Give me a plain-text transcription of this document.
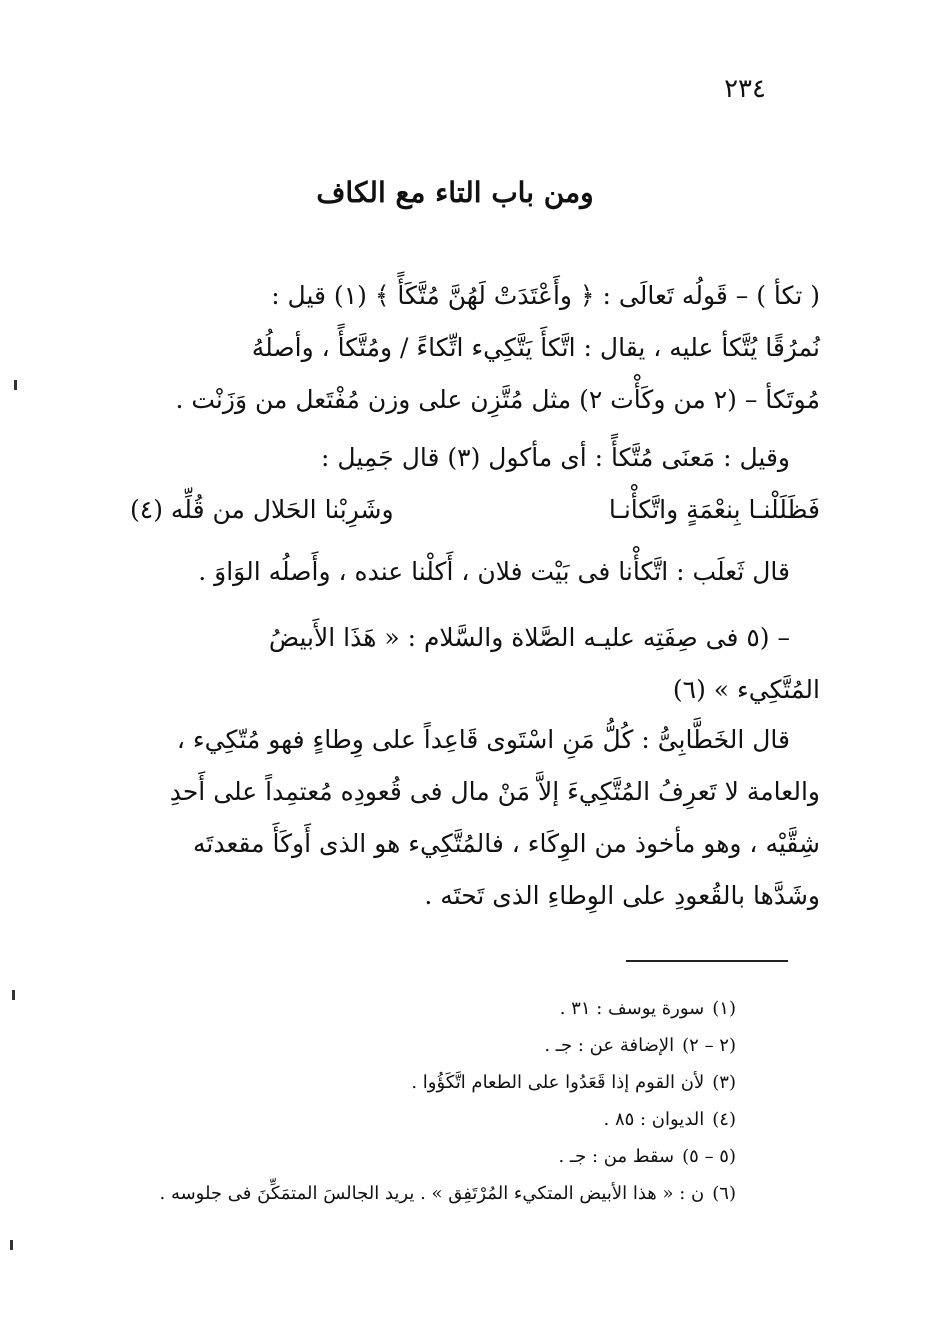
٢٣٤
ومن باب التاء مع الكاف
( تكأ ) – قَولُه تَعالَى : ﴿ وأَعْتَدَتْ لَهُنَّ مُتَّكَأً ﴾ (١) قيل :
نُمرُقًا يُتَّكأ عليه ، يقال : اتَّكأَ يَتَّكِيء اتِّكاءً / ومُتَّكأً ، وأصلُهُ
مُوتَكأ – (٢ من وكَأْت ٢) مثل مُتَّزِن على وزن مُفْتَعل من وَزَنْت .
وقيل : مَعنَى مُتَّكأً : أى مأكول (٣) قال جَمِيل :
فَظَلَلْنـا بِنعْمَةٍ واتَّكأْنـا
وشَرِبْنا الحَلال من قُلِّه (٤)
قال ثَعلَب : اتَّكأْنا فى بَيْت فلان ، أَكلْنا عنده ، وأَصلُه الوَاوَ .
– (٥ فى صِفَتِه عليـه الصَّلاة والسَّلام : « هَذَا الأَبيضُ
المُتَّكِيء » (٦)
قال الخَطَّابِىُّ : كُلُّ مَنِ اسْتَوى قَاعِداً على وِطاءٍ فهو مُتّكِيء ،
والعامة لا تَعرِفُ المُتَّكِيءَ إلاَّ مَنْ مال فى قُعودِه مُعتمِداً على أَحدِ
شِقَّيْه ، وهو مأخوذ من الوِكَاء ، فالمُتَّكِيء هو الذى أَوكَأَ مقعدتَه
وشَدَّها بالقُعودِ على الوِطاءِ الذى تَحتَه .
(١)سورة يوسف : ٣١ .
(٢ – ٢)الإضافة عن : جـ .
(٣)لأن القوم إذا قَعَدُوا على الطعام اتَّكَؤُوا .
(٤)الديوان : ٨٥ .
(٥ – ٥)سقط من : جـ .
(٦)ن : « هذا الأبيض المتكيء المُرْتَفِق » . يريد الجالسَ المتمَكِّنَ فى جلوسه .
